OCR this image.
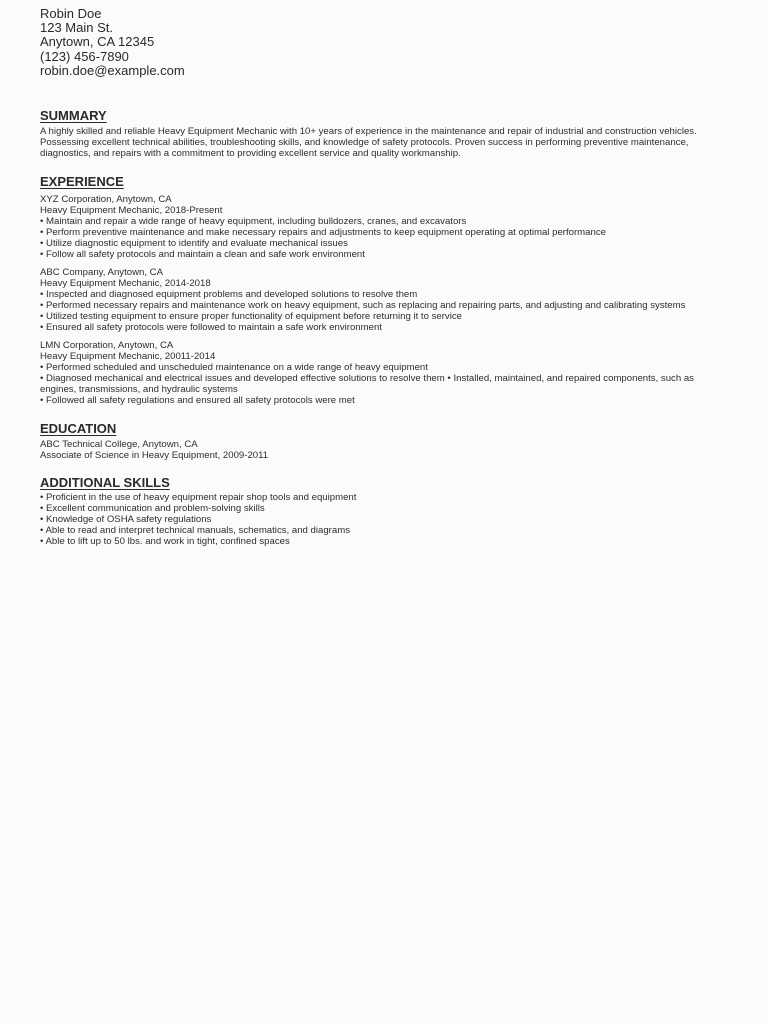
Robin Doe
123 Main St.
Anytown, CA 12345
(123) 456-7890
robin.doe@example.com
SUMMARY
A highly skilled and reliable Heavy Equipment Mechanic with 10+ years of experience in the maintenance and repair of industrial and construction vehicles. Possessing excellent technical abilities, troubleshooting skills, and knowledge of safety protocols. Proven success in performing preventive maintenance, diagnostics, and repairs with a commitment to providing excellent service and quality workmanship.
EXPERIENCE
XYZ Corporation, Anytown, CA
Heavy Equipment Mechanic, 2018-Present
• Maintain and repair a wide range of heavy equipment, including bulldozers, cranes, and excavators
• Perform preventive maintenance and make necessary repairs and adjustments to keep equipment operating at optimal performance
• Utilize diagnostic equipment to identify and evaluate mechanical issues
• Follow all safety protocols and maintain a clean and safe work environment
ABC Company, Anytown, CA
Heavy Equipment Mechanic, 2014-2018
• Inspected and diagnosed equipment problems and developed solutions to resolve them
• Performed necessary repairs and maintenance work on heavy equipment, such as replacing and repairing parts, and adjusting and calibrating systems
• Utilized testing equipment to ensure proper functionality of equipment before returning it to service
• Ensured all safety protocols were followed to maintain a safe work environment
LMN Corporation, Anytown, CA
Heavy Equipment Mechanic, 20011-2014
• Performed scheduled and unscheduled maintenance on a wide range of heavy equipment
• Diagnosed mechanical and electrical issues and developed effective solutions to resolve them • Installed, maintained, and repaired components, such as engines, transmissions, and hydraulic systems
• Followed all safety regulations and ensured all safety protocols were met
EDUCATION
ABC Technical College, Anytown, CA
Associate of Science in Heavy Equipment, 2009-2011
ADDITIONAL SKILLS
• Proficient in the use of heavy equipment repair shop tools and equipment
• Excellent communication and problem-solving skills
• Knowledge of OSHA safety regulations
• Able to read and interpret technical manuals, schematics, and diagrams
• Able to lift up to 50 lbs. and work in tight, confined spaces
